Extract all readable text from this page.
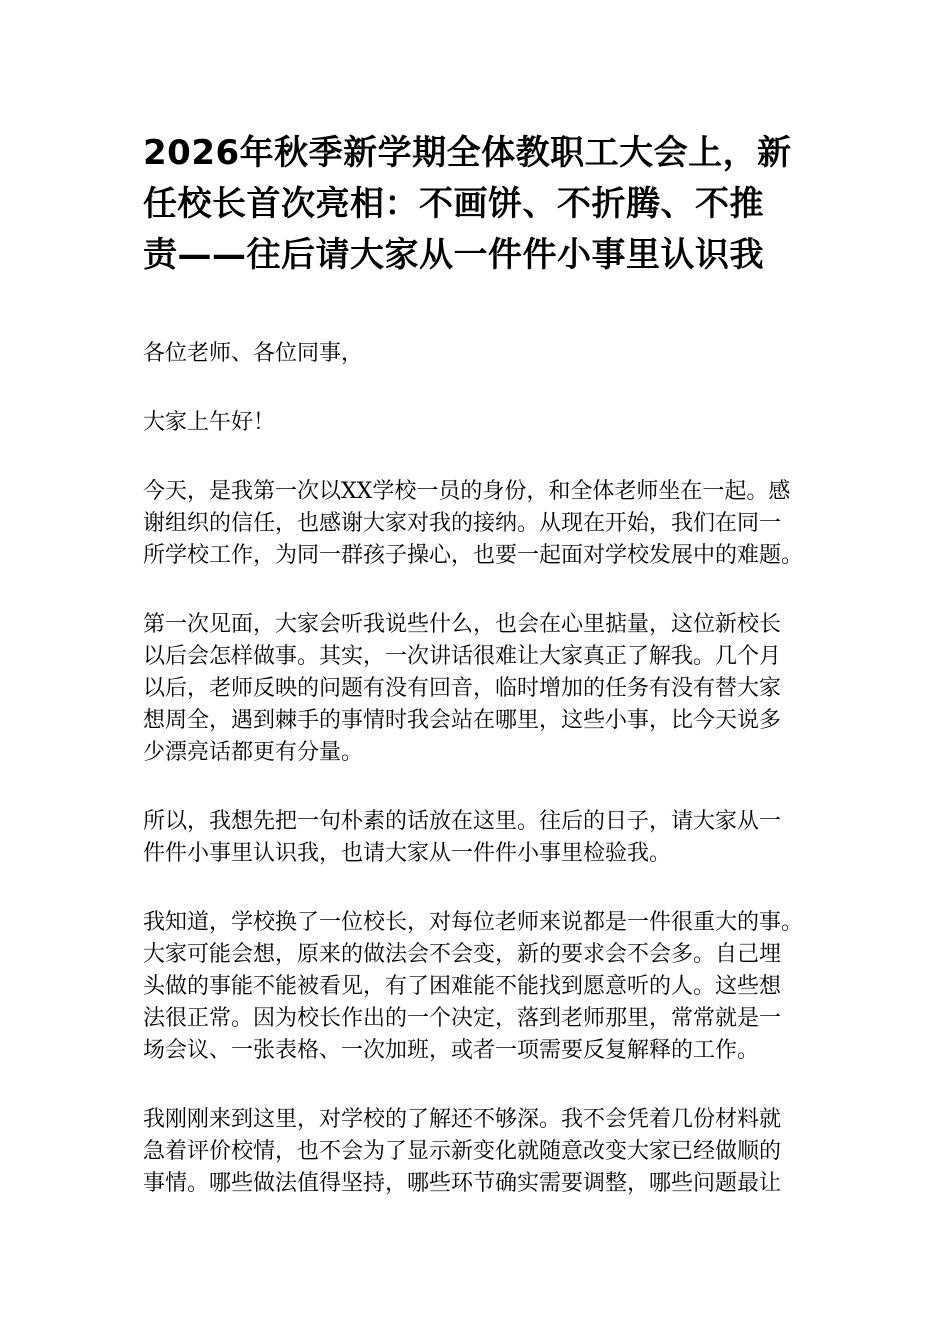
2026年秋季新学期全体教职工大会上，新
任校长首次亮相：不画饼、不折腾、不推
责——往后请大家从一件件小事里认识我

各位老师、各位同事，

大家上午好！

今天，是我第一次以XX学校一员的身份，和全体老师坐在一起。感
谢组织的信任，也感谢大家对我的接纳。从现在开始，我们在同一
所学校工作，为同一群孩子操心，也要一起面对学校发展中的难题。

第一次见面，大家会听我说些什么，也会在心里掂量，这位新校长
以后会怎样做事。其实，一次讲话很难让大家真正了解我。几个月
以后，老师反映的问题有没有回音，临时增加的任务有没有替大家
想周全，遇到棘手的事情时我会站在哪里，这些小事，比今天说多
少漂亮话都更有分量。

所以，我想先把一句朴素的话放在这里。往后的日子，请大家从一
件件小事里认识我，也请大家从一件件小事里检验我。

我知道，学校换了一位校长，对每位老师来说都是一件很重大的事。
大家可能会想，原来的做法会不会变，新的要求会不会多。自己埋
头做的事能不能被看见，有了困难能不能找到愿意听的人。这些想
法很正常。因为校长作出的一个决定，落到老师那里，常常就是一
场会议、一张表格、一次加班，或者一项需要反复解释的工作。

我刚刚来到这里，对学校的了解还不够深。我不会凭着几份材料就
急着评价校情，也不会为了显示新变化就随意改变大家已经做顺的
事情。哪些做法值得坚持，哪些环节确实需要调整，哪些问题最让
